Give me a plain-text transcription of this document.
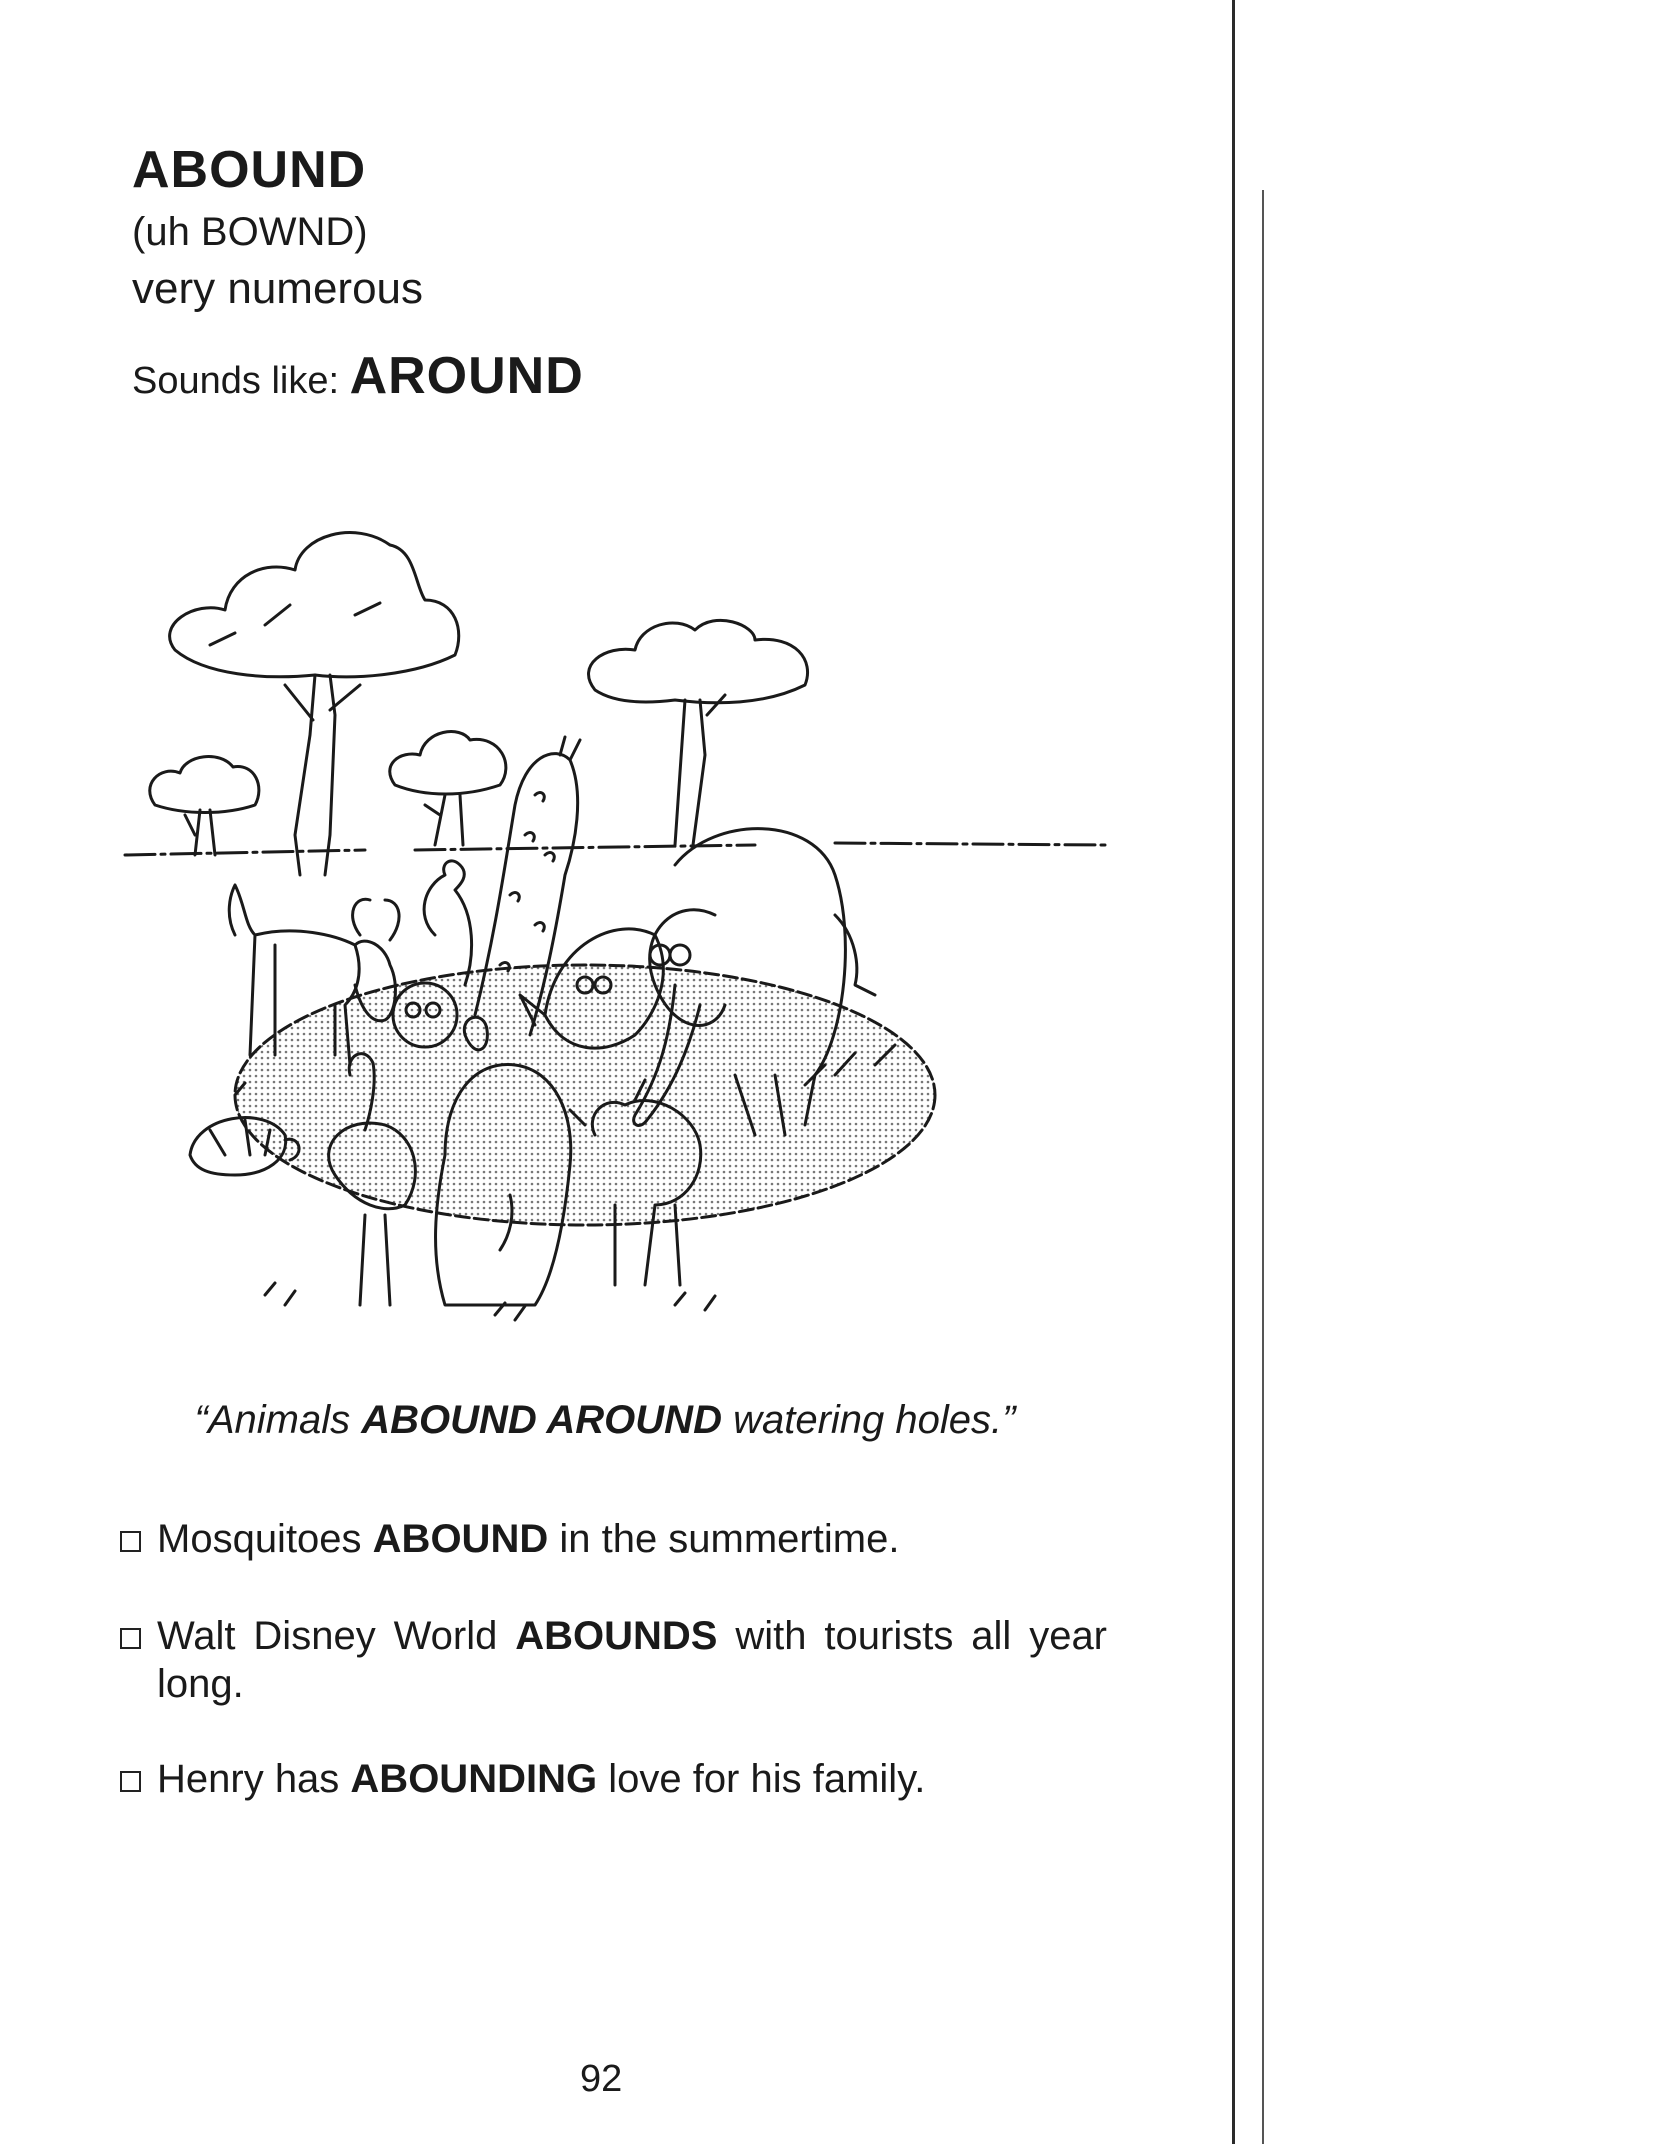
ABOUND
(uh BOWND)
very numerous
Sounds like: AROUND
“Animals ABOUND AROUND watering holes.”
Mosquitoes ABOUND in the summertime.
Walt Disney World ABOUNDS with tourists all year long.
Henry has ABOUNDING love for his family.
92
